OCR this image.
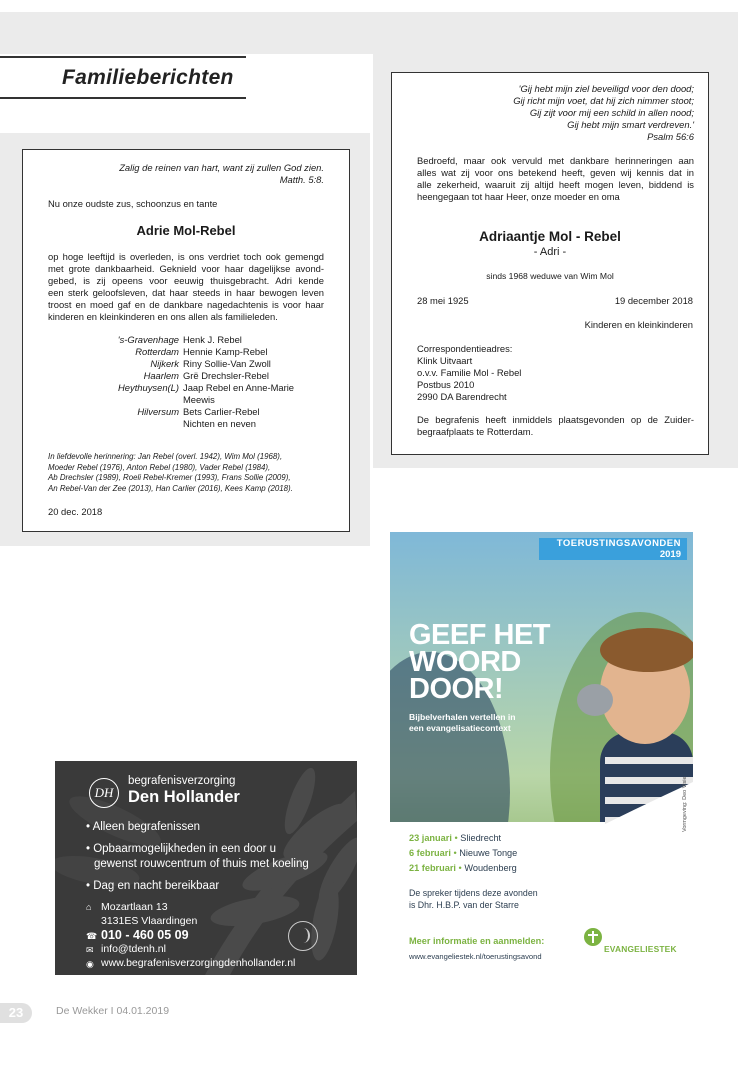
Familieberichten
Zalig de reinen van hart, want zij zullen God zien.
Matth. 5:8.
Nu onze oudste zus, schoonzus en tante
Adrie Mol-Rebel
op hoge leeftijd is overleden, is ons verdriet toch ook gemengd
met grote dankbaarheid. Geknield voor haar dagelijkse avond-
gebed, is zij opeens voor eeuwig thuisgebracht. Adri kende
een sterk geloofsleven, dat haar steeds in haar bewogen leven
troost en moed gaf en de dankbare nagedachtenis is voor haar
kinderen en kleinkinderen en ons allen als familieleden.
's-Gravenhage	Henk J. Rebel
Rotterdam	Hennie Kamp-Rebel
Nijkerk	Riny Sollie-Van Zwoll
Haarlem	Grë Drechsler-Rebel
Heythuysen(L)	Jaap Rebel en Anne-Marie
	Meewis
Hilversum	Bets Carlier-Rebel
	Nichten en neven
In liefdevolle herinnering: Jan Rebel (overl. 1942), Wim Mol (1968),
Moeder Rebel (1976), Anton Rebel (1980), Vader Rebel (1984),
Ab Drechsler (1989), Roeli Rebel-Kremer (1993), Frans Sollie (2009),
An Rebel-Van der Zee (2013), Han Carlier (2016), Kees Kamp (2018).
20 dec. 2018
'Gij hebt mijn ziel beveiligd voor den dood;
Gij richt mijn voet, dat hij zich nimmer stoot;
Gij zijt voor mij een schild in allen nood;
Gij hebt mijn smart verdreven.'
Psalm 56:6
Bedroefd, maar ook vervuld met dankbare herinneringen aan
alles wat zij voor ons betekend heeft, geven wij kennis dat in
alle zekerheid, waaruit zij altijd heeft mogen leven, biddend is
heengegaan tot haar Heer, onze moeder en oma
Adriaantje Mol - Rebel
- Adri -
sinds 1968 weduwe van Wim Mol
28 mei 1925	19 december 2018
Kinderen en kleinkinderen
Correspondentieadres:
Klink Uitvaart
o.v.v. Familie Mol - Rebel
Postbus 2010
2990 DA Barendrecht
De begrafenis heeft inmiddels plaatsgevonden op de Zuider-
begraafplaats te Rotterdam.
DH
begrafenisverzorging
Den Hollander
• Alleen begrafenissen
• Opbaarmogelijkheden in een door u
gewenst rouwcentrum of thuis met koeling
• Dag en nacht bereikbaar
⌂ Mozartlaan 13
3131ES Vlaardingen
☎ 010 - 460 05 09
✉ info@tdenh.nl
◉ www.begrafenisverzorgingdenhollander.nl
TOERUSTINGSAVONDEN
2019
GEEF HET
WOORD
DOOR!
Bijbelverhalen vertellen in
een evangelisatiecontext
23 januari • Sliedrecht
6 februari • Nieuwe Tonge
21 februari • Woudenberg
De spreker tijdens deze avonden
is Dhr. H.B.P. van der Starre
Meer informatie en aanmelden:
www.evangeliestek.nl/toerustingsavond
EVANGELIESTEK
Vormgeving: Deo Visie
23	De Wekker I 04.01.2019
